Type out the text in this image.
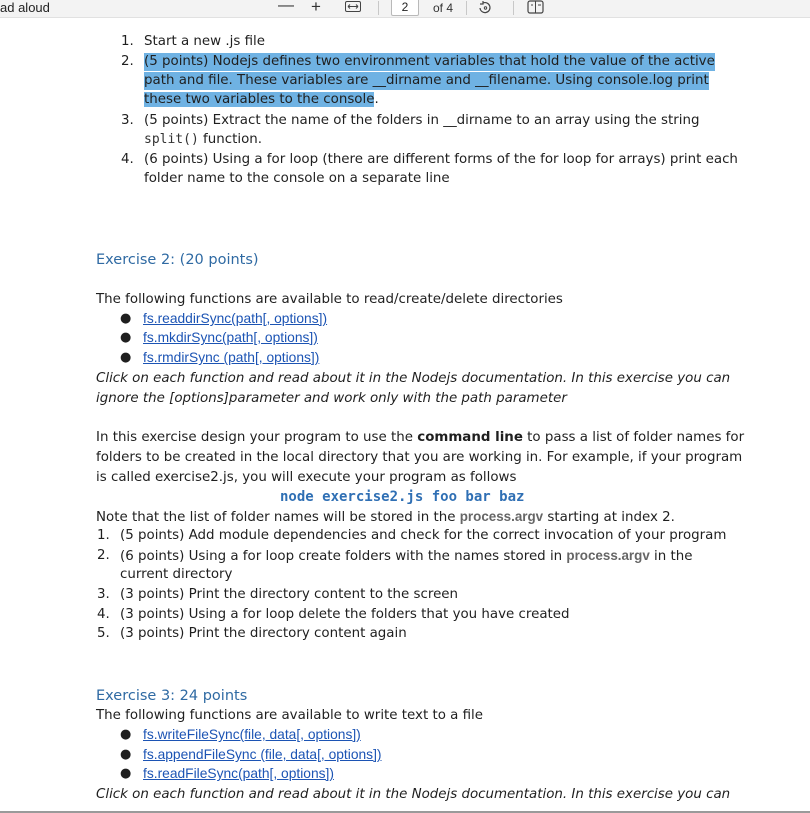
ad aloud	— +	2	of 4
1. Start a new .js file
2. (5 points) Nodejs defines two environment variables that hold the value of the active
path and file. These variables are __dirname and __filename. Using console.log print
these two variables to the console.
3. (5 points) Extract the name of the folders in __dirname to an array using the string
split() function.
4. (6 points) Using a for loop (there are different forms of the for loop for arrays) print each
folder name to the console on a separate line
Exercise 2: (20 points)
The following functions are available to read/create/delete directories
● fs.readdirSync(path[, options])
● fs.mkdirSync(path[, options])
● fs.rmdirSync (path[, options])
Click on each function and read about it in the Nodejs documentation. In this exercise you can
ignore the [options]parameter and work only with the path parameter
In this exercise design your program to use the command line to pass a list of folder names for
folders to be created in the local directory that you are working in. For example, if your program
is called exercise2.js, you will execute your program as follows
node exercise2.js foo bar baz
Note that the list of folder names will be stored in the process.argv starting at index 2.
1. (5 points) Add module dependencies and check for the correct invocation of your program
2. (6 points) Using a for loop create folders with the names stored in process.argv in the
current directory
3. (3 points) Print the directory content to the screen
4. (3 points) Using a for loop delete the folders that you have created
5. (3 points) Print the directory content again
Exercise 3: 24 points
The following functions are available to write text to a file
● fs.writeFileSync(file, data[, options])
● fs.appendFileSync (file, data[, options])
● fs.readFileSync(path[, options])
Click on each function and read about it in the Nodejs documentation. In this exercise you can
